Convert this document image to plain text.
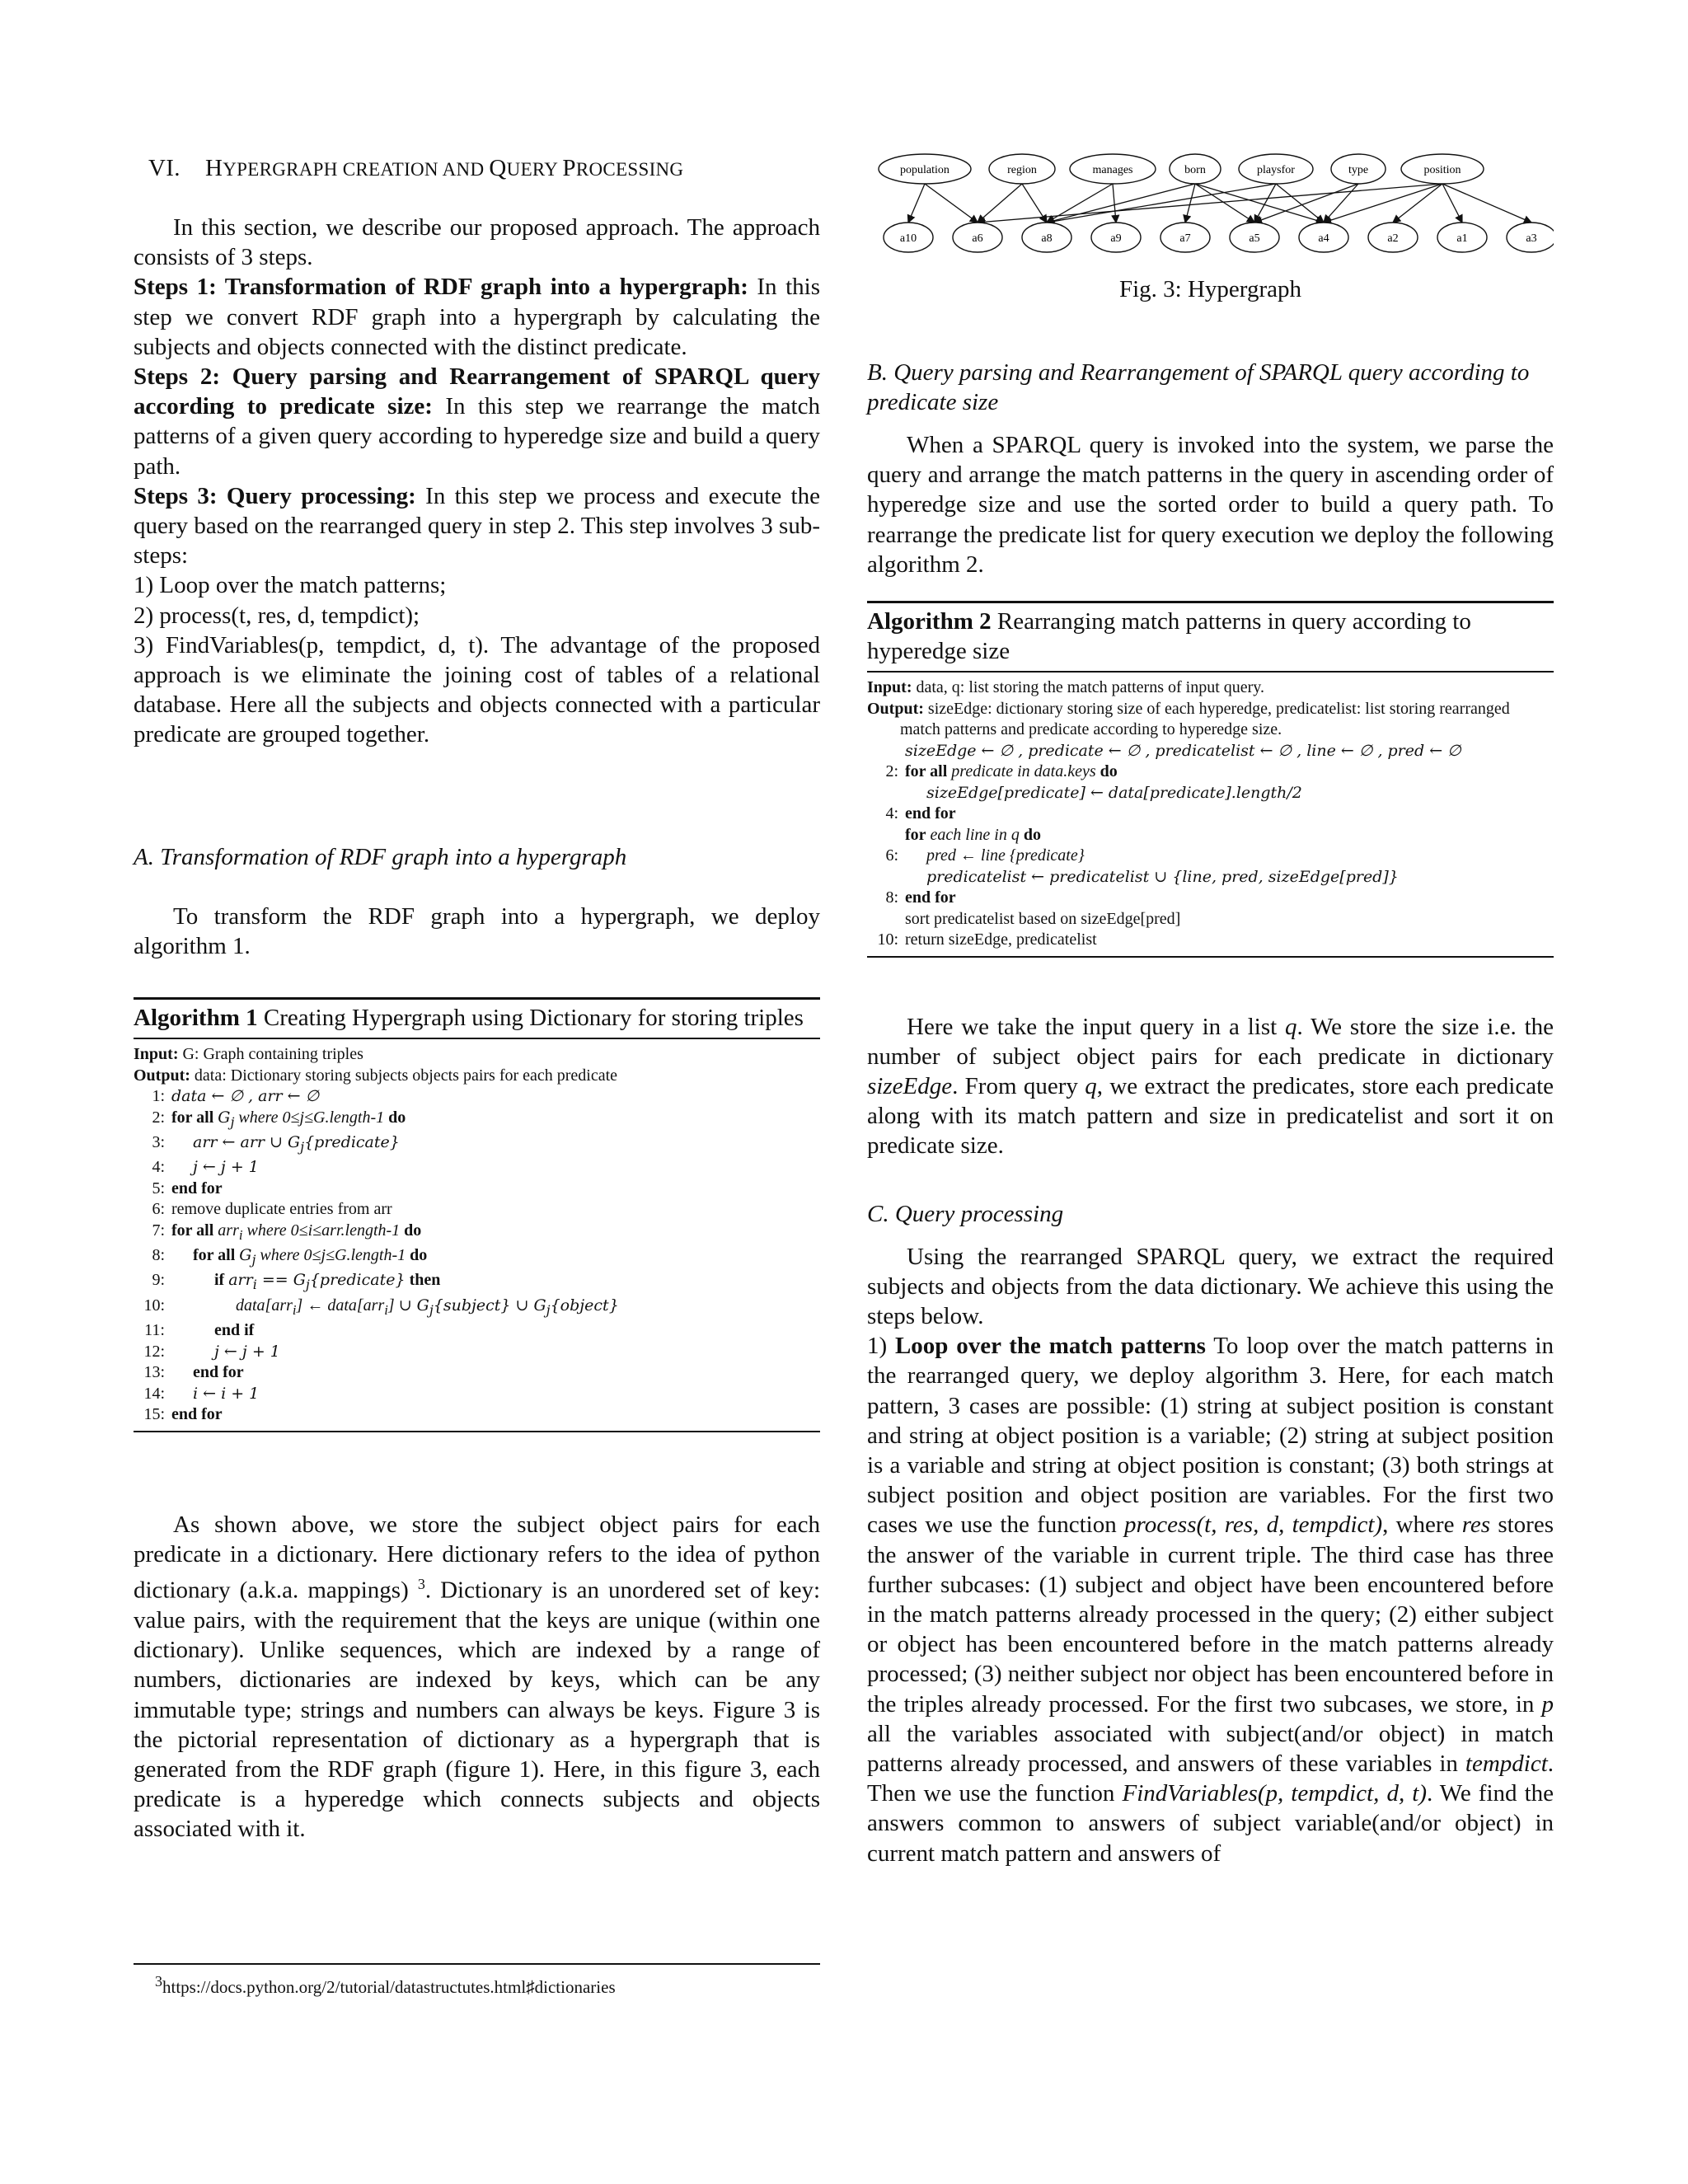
VI. HYPERGRAPH CREATION AND QUERY PROCESSING

In this section, we describe our proposed approach. The approach consists of 3 steps.

Steps 1: Transformation of RDF graph into a hypergraph: In this step we convert RDF graph into a hypergraph by calculating the subjects and objects connected with the distinct predicate.

Steps 2: Query parsing and Rearrangement of SPARQL query according to predicate size: In this step we rearrange the match patterns of a given query according to hyperedge size and build a query path.

Steps 3: Query processing: In this step we process and execute the query based on the rearranged query in step 2. This step involves 3 sub-steps:

1) Loop over the match patterns;

2) process(t, res, d, tempdict);

3) FindVariables(p, tempdict, d, t). The advantage of the proposed approach is we eliminate the joining cost of tables of a relational database. Here all the subjects and objects connected with a particular predicate are grouped together.

A. Transformation of RDF graph into a hypergraph

To transform the RDF graph into a hypergraph, we deploy algorithm 1.

Algorithm 1 Creating Hypergraph using Dictionary for storing triples
Input: G: Graph containing triples
Output: data: Dictionary storing subjects objects pairs for each predicate
1: data ← ∅ , arr ← ∅
2: for all $G_j$ where 0≤j≤G.length-1 do
3:	arr ← arr ∪ $G_j\{predicate\}$
4:	j ← j + 1
5: end for
6: remove duplicate entries from arr
7: for all arr$_i$ where 0≤i≤arr.length-1 do
8:	for all $G_j$ where 0≤j≤G.length-1 do
9:	if $arr_i == G_j\{predicate\}$ then
10:	data[arr$_i$] ← data[arr$_i$] ∪ $G_j\{subject\}$ ∪ $G_j\{object\}$
11:	end if
12:	j ← j + 1
13:	end for
14:	i ← i + 1
15: end for

As shown above, we store the subject object pairs for each predicate in a dictionary. Here dictionary refers to the idea of python dictionary (a.k.a. mappings) $^3$. Dictionary is an unordered set of key: value pairs, with the requirement that the keys are unique (within one dictionary). Unlike sequences, which are indexed by a range of numbers, dictionaries are indexed by keys, which can be any immutable type; strings and numbers can always be keys. Figure 3 is the pictorial representation of dictionary as a hypergraph that is generated from the RDF graph (figure 1). Here, in this figure 3, each predicate is a hyperedge which connects subjects and objects associated with it.

$^3$https://docs.python.org/2/tutorial/datastructutes.html♯dictionaries
population	region	manages	born	playsfor	type	position
a10	a6	a8	a9	a7	a5	a4	a2	a1	a3
Fig. 3: Hypergraph

B. Query parsing and Rearrangement of SPARQL query according to predicate size

When a SPARQL query is invoked into the system, we parse the query and arrange the match patterns in the query in ascending order of hyperedge size and use the sorted order to build a query path. To rearrange the predicate list for query execution we deploy the following algorithm 2.

Algorithm 2 Rearranging match patterns in query according to hyperedge size
Input: data, q: list storing the match patterns of input query.
Output: sizeEdge: dictionary storing size of each hyperedge, predicatelist: list storing rearranged match patterns and predicate according to hyperedge size.
sizeEdge ← ∅ , predicate ← ∅ , predicatelist ← ∅ , line ← ∅ , pred ← ∅
2: for all predicate in data.keys do
sizeEdge[predicate] ← data[predicate].length/2
4: end for
for each line in q do
6:	pred ← line {predicate}
predicatelist ← predicatelist ∪ {line, pred, sizeEdge[pred]}
8: end for
sort predicatelist based on sizeEdge[pred]
10: return sizeEdge, predicatelist

Here we take the input query in a list q. We store the size i.e. the number of subject object pairs for each predicate in dictionary sizeEdge. From query q, we extract the predicates, store each predicate along with its match pattern and size in predicatelist and sort it on predicate size.

C. Query processing

Using the rearranged SPARQL query, we extract the required subjects and objects from the data dictionary. We achieve this using the steps below.

1) Loop over the match patterns To loop over the match patterns in the rearranged query, we deploy algorithm 3. Here, for each match pattern, 3 cases are possible: (1) string at subject position is constant and string at object position is a variable; (2) string at subject position is a variable and string at object position is constant; (3) both strings at subject position and object position are variables. For the first two cases we use the function process(t, res, d, tempdict), where res stores the answer of the variable in current triple. The third case has three further subcases: (1) subject and object have been encountered before in the match patterns already processed in the query; (2) either subject or object has been encountered before in the match patterns already processed; (3) neither subject nor object has been encountered before in the triples already processed. For the first two subcases, we store, in p all the variables associated with subject(and/or object) in match patterns already processed, and answers of these variables in tempdict. Then we use the function FindVariables(p, tempdict, d, t). We find the answers common to answers of subject variable(and/or object) in current match pattern and answers of
